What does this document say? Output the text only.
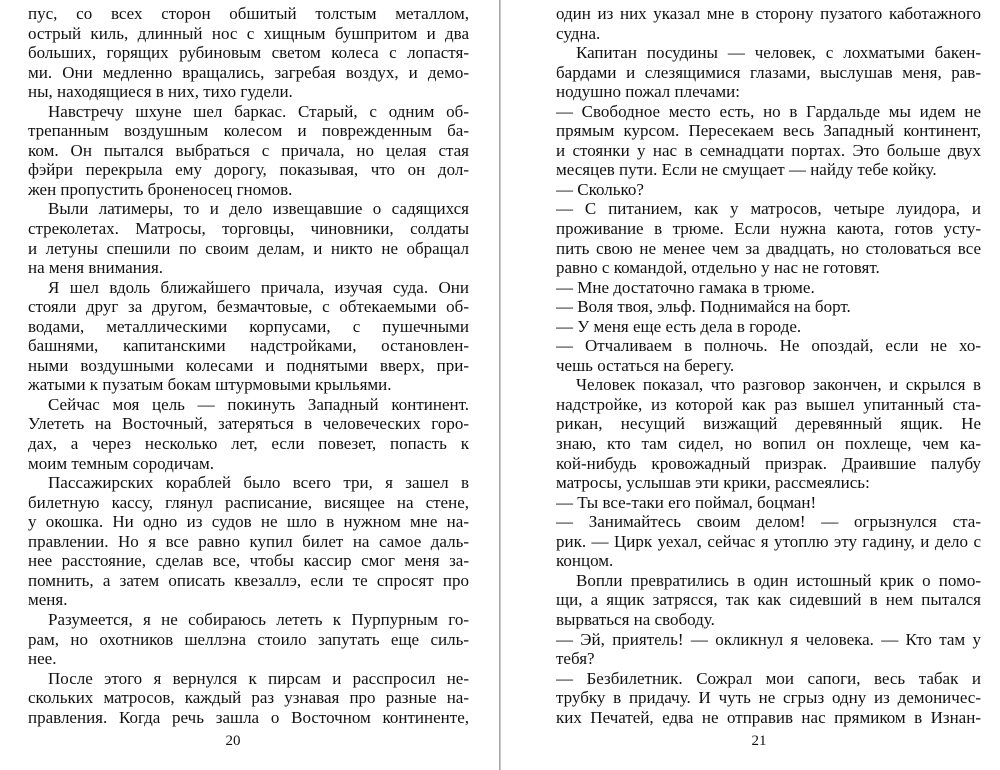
пус, со всех сторон обшитый толстым металлом,
острый киль, длинный нос с хищным бушпритом и два
больших, горящих рубиновым светом колеса с лопастя-
ми. Они медленно вращались, загребая воздух, и демо-
ны, находящиеся в них, тихо гудели.
Навстречу шхуне шел баркас. Старый, с одним об-
трепанным воздушным колесом и поврежденным ба-
ком. Он пытался выбраться с причала, но целая стая
фэйри перекрыла ему дорогу, показывая, что он дол-
жен пропустить броненосец гномов.
Выли латимеры, то и дело извещавшие о садящихся
стреколетах. Матросы, торговцы, чиновники, солдаты
и летуны спешили по своим делам, и никто не обращал
на меня внимания.
Я шел вдоль ближайшего причала, изучая суда. Они
стояли друг за другом, безмачтовые, с обтекаемыми об-
водами, металлическими корпусами, с пушечными
башнями, капитанскими надстройками, остановлен-
ными воздушными колесами и поднятыми вверх, при-
жатыми к пузатым бокам штурмовыми крыльями.
Сейчас моя цель — покинуть Западный континент.
Улететь на Восточный, затеряться в человеческих горо-
дах, а через несколько лет, если повезет, попасть к
моим темным сородичам.
Пассажирских кораблей было всего три, я зашел в
билетную кассу, глянул расписание, висящее на стене,
у окошка. Ни одно из судов не шло в нужном мне на-
правлении. Но я все равно купил билет на самое даль-
нее расстояние, сделав все, чтобы кассир смог меня за-
помнить, а затем описать квезаллэ, если те спросят про
меня.
Разумеется, я не собираюсь лететь к Пурпурным го-
рам, но охотников шеллэна стоило запутать еще силь-
нее.
После этого я вернулся к пирсам и расспросил не-
скольких матросов, каждый раз узнавая про разные на-
правления. Когда речь зашла о Восточном континенте,
20
один из них указал мне в сторону пузатого каботажного
судна.
Капитан посудины — человек, с лохматыми бакен-
бардами и слезящимися глазами, выслушав меня, рав-
нодушно пожал плечами:
— Свободное место есть, но в Гардальде мы идем не
прямым курсом. Пересекаем весь Западный континент,
и стоянки у нас в семнадцати портах. Это больше двух
месяцев пути. Если не смущает — найду тебе койку.
— Сколько?
— С питанием, как у матросов, четыре луидора, и
проживание в трюме. Если нужна каюта, готов усту-
пить свою не менее чем за двадцать, но столоваться все
равно с командой, отдельно у нас не готовят.
— Мне достаточно гамака в трюме.
— Воля твоя, эльф. Поднимайся на борт.
— У меня еще есть дела в городе.
— Отчаливаем в полночь. Не опоздай, если не хо-
чешь остаться на берегу.
Человек показал, что разговор закончен, и скрылся в
надстройке, из которой как раз вышел упитанный ста-
рикан, несущий визжащий деревянный ящик. Не
знаю, кто там сидел, но вопил он похлеще, чем ка-
кой-нибудь кровожадный призрак. Драившие палубу
матросы, услышав эти крики, рассмеялись:
— Ты все-таки его поймал, боцман!
— Занимайтесь своим делом! — огрызнулся ста-
рик. — Цирк уехал, сейчас я утоплю эту гадину, и дело с
концом.
Вопли превратились в один истошный крик о помо-
щи, а ящик затрясся, так как сидевший в нем пытался
вырваться на свободу.
— Эй, приятель! — окликнул я человека. — Кто там у
тебя?
— Безбилетник. Сожрал мои сапоги, весь табак и
трубку в придачу. И чуть не сгрыз одну из демоничес-
ких Печатей, едва не отправив нас прямиком в Изнан-
21
